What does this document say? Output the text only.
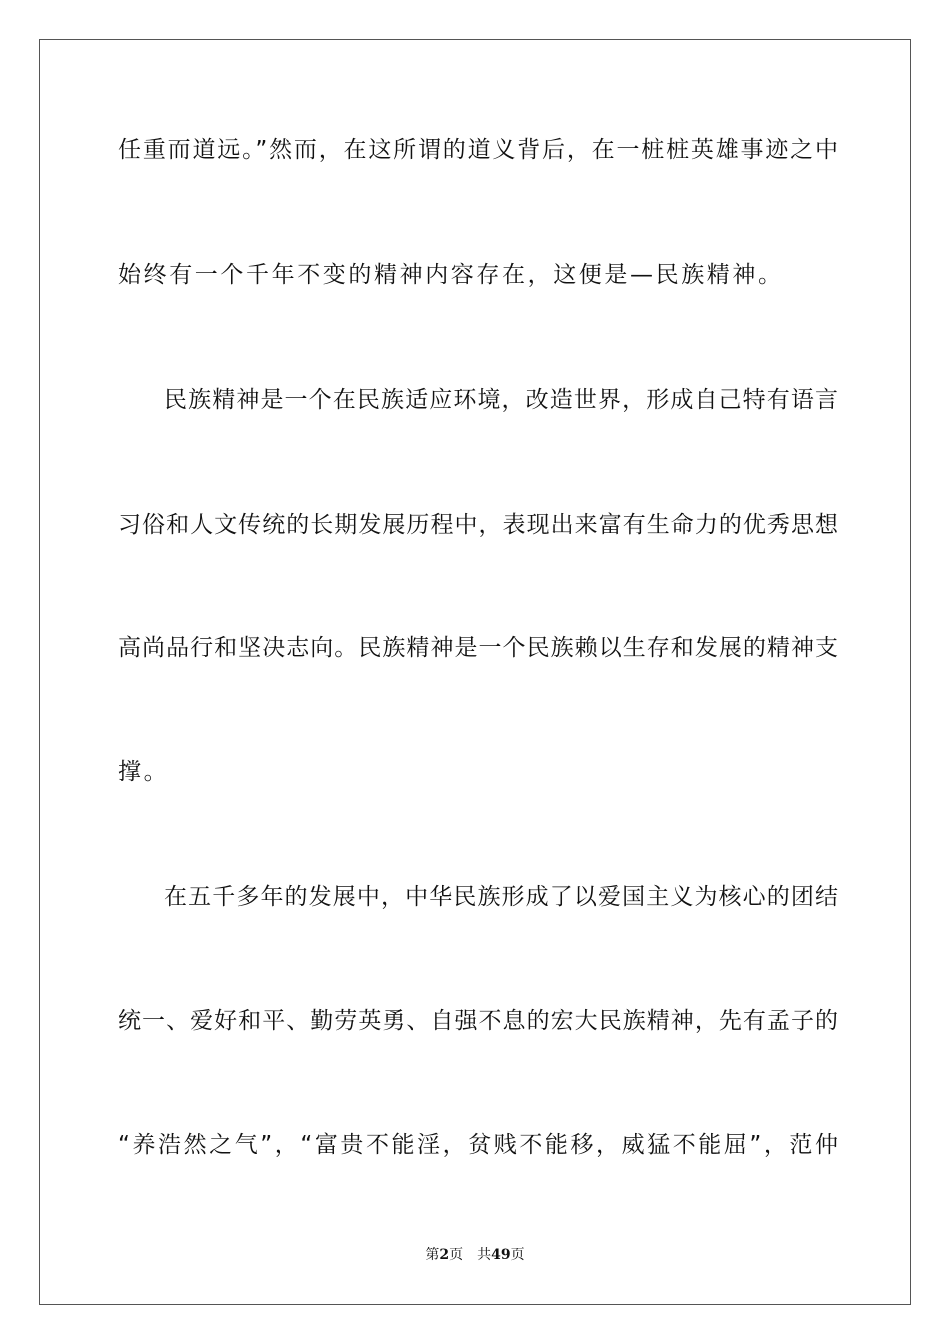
任重而道远。”然而，在这所谓的道义背后，在一桩桩英雄事迹之中
始终有一个千年不变的精神内容存在，这便是—民族精神。
民族精神是一个在民族适应环境，改造世界，形成自己特有语言
习俗和人文传统的长期发展历程中，表现出来富有生命力的优秀思想
高尚品行和坚决志向。民族精神是一个民族赖以生存和发展的精神支
撑。
在五千多年的发展中，中华民族形成了以爱国主义为核心的团结
统一、爱好和平、勤劳英勇、自强不息的宏大民族精神，先有孟子的
“养浩然之气”，“富贵不能淫，贫贱不能移，威猛不能屈”，范仲
第2页 共49页
